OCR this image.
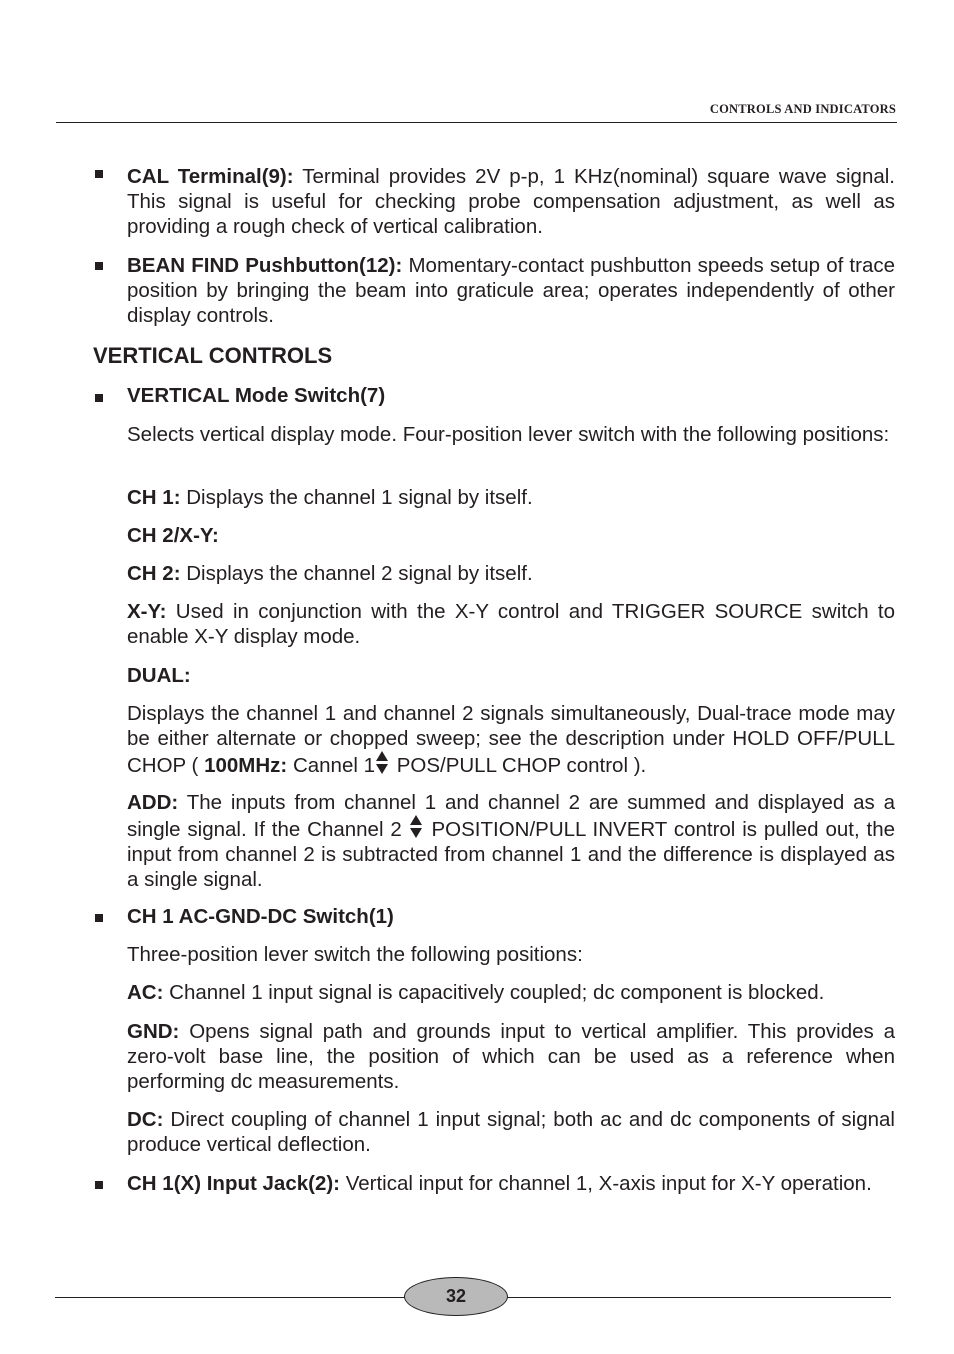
CONTROLS AND INDICATORS

CAL Terminal(9): Terminal provides 2V p-p, 1 KHz(nominal) square wave signal. This signal is useful for checking probe compensation adjustment, as well as providing a rough check of vertical calibration.

BEAN FIND Pushbutton(12): Momentary-contact pushbutton speeds setup of trace position by bringing the beam into graticule area; operates independently of other display controls.

VERTICAL CONTROLS

VERTICAL Mode Switch(7)

Selects vertical display mode. Four-position lever switch with the following positions:

CH 1: Displays the channel 1 signal by itself.

CH 2/X-Y:

CH 2: Displays the channel 2 signal by itself.

X-Y: Used in conjunction with the X-Y control and TRIGGER SOURCE switch to enable X-Y display mode.

DUAL:

Displays the channel 1 and channel 2 signals simultaneously, Dual-trace mode may be either alternate or chopped sweep; see the description under HOLD OFF/PULL CHOP ( 100MHz: Cannel 1 POS/PULL CHOP control ).

ADD: The inputs from channel 1 and channel 2 are summed and displayed as a single signal. If the Channel 2  POSITION/PULL INVERT control is pulled out, the input from channel 2 is subtracted from channel 1 and the difference is displayed as a single signal.

CH 1 AC-GND-DC Switch(1)

Three-position lever switch the following positions:

AC: Channel 1 input signal is capacitively coupled; dc component is blocked.

GND: Opens signal path and grounds input to vertical amplifier. This provides a zero-volt base line, the position of which can be used as a reference when performing dc measurements.

DC: Direct coupling of channel 1 input signal; both ac and dc components of signal produce vertical deflection.

CH 1(X) Input Jack(2): Vertical input for channel 1, X-axis input for X-Y operation.

32
